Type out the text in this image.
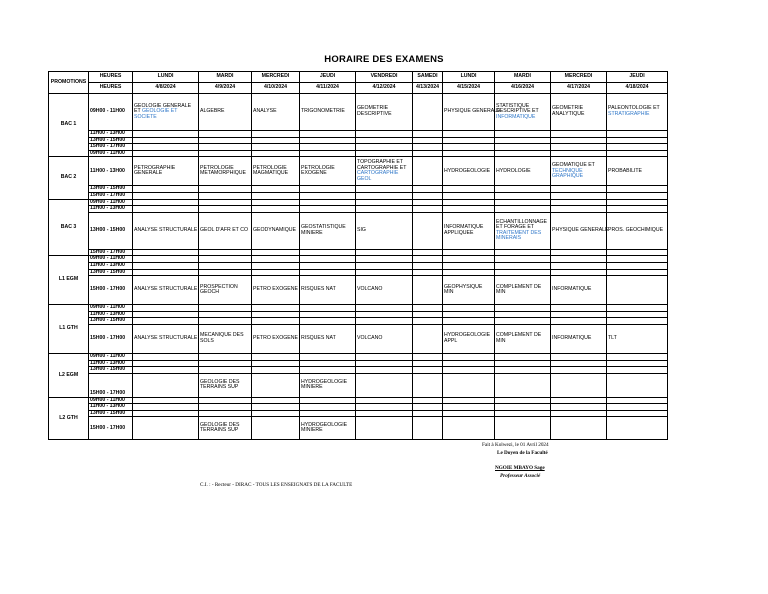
HORAIRE DES EXAMENS
PROMOTIONS	HEURES	LUNDI	MARDI	MERCREDI	JEUDI	VENDREDI	SAMEDI	LUNDI	MARDI	MERCREDI	JEUDI
	HEURES	4/8/2024	4/9/2024	4/10/2024	4/11/2024	4/12/2024	4/13/2024	4/15/2024	4/16/2024	4/17/2024	4/18/2024
BAC 1	09H00 - 11H00	GEOLOGIE GENERALE ET GEOLOGIE ET SOCIETE	ALGEBRE	ANALYSE	TRIGONOMETRIE	GEOMETRIE DESCRIPTIVE		PHYSIQUE GENERALE	STATISTIQUE DESCRIPTIVE ET INFORMATIQUE	GEOMETRIE ANALYTIQUE	PALEONTOLOGIE ET STRATIGRAPHIE
	11H00 - 13H00										
	13H00 - 15H00										
	15H00 - 17H00										
	09H00 - 11H00										
BAC 2	11H00 - 13H00	PETROGRAPHIE GENERALE	PETROLOGIE METAMORPHIQUE	PETROLOGIE MAGMATIQUE	PETROLOGIE EXOGENE	TOPOGRAPHIE ET CARTOGRAPHIE ET CARTOGRAPHIE GEOL		HYDROGEOLOGIE	HYDROLOGIE	GEOMATIQUE ET TECHNIQUE GRAPHIQUE	PROBABILITE
	13H00 - 15H00										
	15H00 - 17H00										
BAC 3	09H00 - 11H00										
	11H00 - 13H00										
	13H00 - 15H00	ANALYSE STRUCTURALE	GEOL D'AFR ET CO	GEODYNAMIQUE	GEOSTATISTIQUE MINIERE	SIG		INFORMATIQUE APPLIQUEE	ECHANTILLONNAGE ET FORAGE ET TRAITEMENT DES MINERAIS	PHYSIQUE GENERALE	PROS. GEOCHIMIQUE
	15H00 - 17H00										
L1 EGM	09H00 - 11H00										
	11H00 - 13H00										
	13H00 - 15H00										
	15H00 - 17H00	ANALYSE STRUCTURALE	PROSPECTION GEOCH	PETRO EXOGENE	RISQUES NAT	VOLCANO		GEOPHYSIQUE MIN	COMPLEMENT DE MIN	INFORMATIQUE	
L1 GTH	09H00 - 11H00										
	11H00 - 13H00										
	13H00 - 15H00										
	15H00 - 17H00	ANALYSE STRUCTURALE	MECANIQUE DES SOLS	PETRO EXOGENE	RISQUES NAT	VOLCANO		HYDROGEOLOGIE APPL	COMPLEMENT DE MIN	INFORMATIQUE	TLT
L2 EGM	09H00 - 11H00										
	11H00 - 13H00										
	13H00 - 15H00										
	15H00 - 17H00		GEOLOGIE DES TERRAINS SUP		HYDROGEOLOGIE MINIERE						
L2 GTH	09H00 - 11H00										
	11H00 - 13H00										
	13H00 - 15H00										
	15H00 - 17H00		GEOLOGIE DES TERRAINS SUP		HYDROGEOLOGIE MINIERE						
Fait à Kolwezi, le 01 Avril 2024
Le Doyen de la Faculté
NGOIE MBAYO Sage
Professeur Associé
C.I. : - Recteur - DIRAC - TOUS LES ENSEIGNATS DE LA FACULTE
